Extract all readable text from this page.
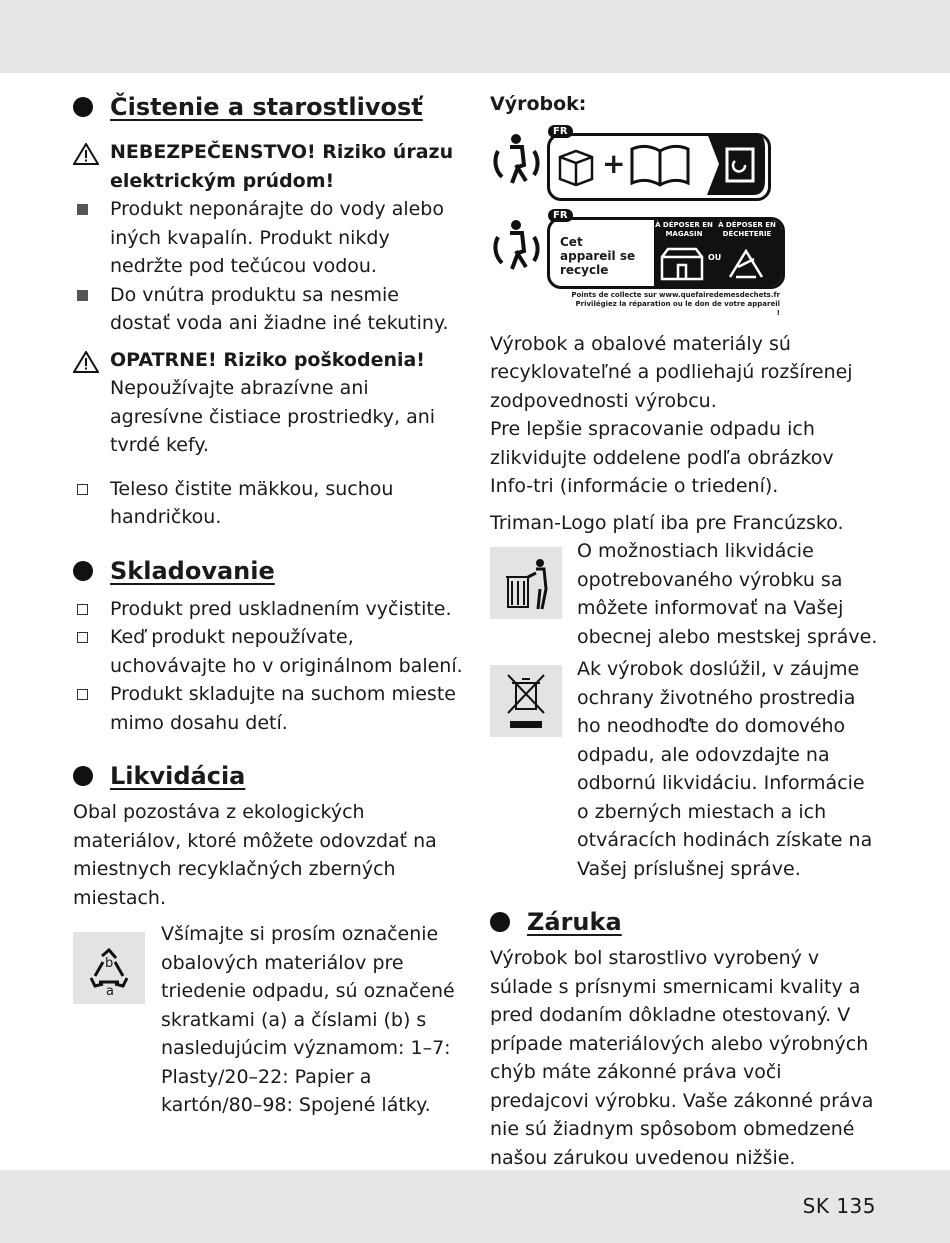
Čistenie a starostlivosť
NEBEZPEČENSTVO! Riziko úrazu elektrickým prúdom!
Produkt neponárajte do vody alebo iných kvapalín. Produkt nikdy nedržte pod tečúcou vodou.
Do vnútra produktu sa nesmie dostať voda ani žiadne iné tekutiny.
OPATRNE! Riziko poškodenia!
Nepoužívajte abrazívne ani agresívne čistiace prostriedky, ani tvrdé kefy.
Teleso čistite mäkkou, suchou handričkou.
Skladovanie
Produkt pred uskladnením vyčistite.
Keď produkt nepoužívate, uchovávajte ho v originálnom balení.
Produkt skladujte na suchom mieste mimo dosahu detí.
Likvidácia
Obal pozostáva z ekologických materiálov, ktoré môžete odovzdať na miestnych recyklačných zberných miestach.
b
a
Všímajte si prosím označenie obalových materiálov pre triedenie odpadu, sú označené skratkami (a) a číslami (b) s nasledujúcim významom: 1–7: Plasty/20–22: Papier a kartón/80–98: Spojené látky.
Výrobok:
FR
+
FR
Cet appareil se recycle
À DÉPOSER EN MAGASIN
À DÉPOSER EN DÉCHETERIE
OU
Points de collecte sur www.quefairedemesdechets.fr
Privilégiez la réparation ou le don de votre appareil !
Výrobok a obalové materiály sú recyklovateľné a podliehajú rozšírenej zodpovednosti výrobcu.
Pre lepšie spracovanie odpadu ich zlikvidujte oddelene podľa obrázkov Info-tri (informácie o triedení).
Triman-Logo platí iba pre Francúzsko.
O možnostiach likvidácie opotrebovaného výrobku sa môžete informovať na Vašej obecnej alebo mestskej správe.
Ak výrobok doslúžil, v záujme ochrany životného prostredia ho neodhoďte do domového odpadu, ale odovzdajte na odbornú likvidáciu. Informácie o zberných miestach a ich otváracích hodinách získate na Vašej príslušnej správe.
Záruka
Výrobok bol starostlivo vyrobený v súlade s prísnymi smernicami kvality a pred dodaním dôkladne otestovaný. V prípade materiálových alebo výrobných chýb máte zákonné práva voči predajcovi výrobku. Vaše zákonné práva nie sú žiadnym spôsobom obmedzené našou zárukou uvedenou nižšie.
SK 135
